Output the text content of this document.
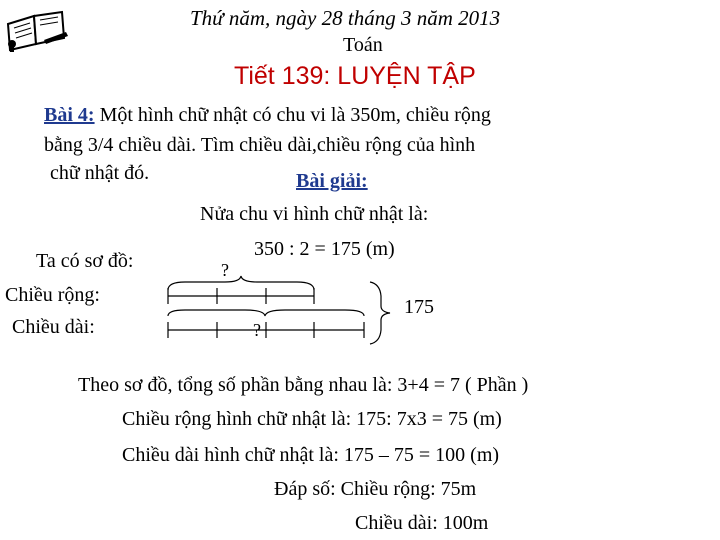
Thứ năm, ngày 28 tháng 3 năm 2013
Toán
Tiết 139: LUYỆN TẬP
Bài 4: Một hình chữ nhật có chu vi là 350m, chiều rộng
bằng 3/4 chiều dài. Tìm chiều dài,chiều rộng của hình
chữ nhật đó.	Bài giải:
Nửa chu vi hình chữ nhật là:
350 : 2 = 175 (m)
Ta có sơ đồ:
Chiều rộng:
Chiều dài:
?
?
175
Theo sơ đồ, tổng số phần bằng nhau là: 3+4 = 7 ( Phần )
Chiều rộng hình chữ nhật là: 175: 7x3 = 75 (m)
Chiều dài hình chữ nhật là: 175 – 75 = 100 (m)
Đáp số: Chiều rộng: 75m
Chiều dài: 100m
